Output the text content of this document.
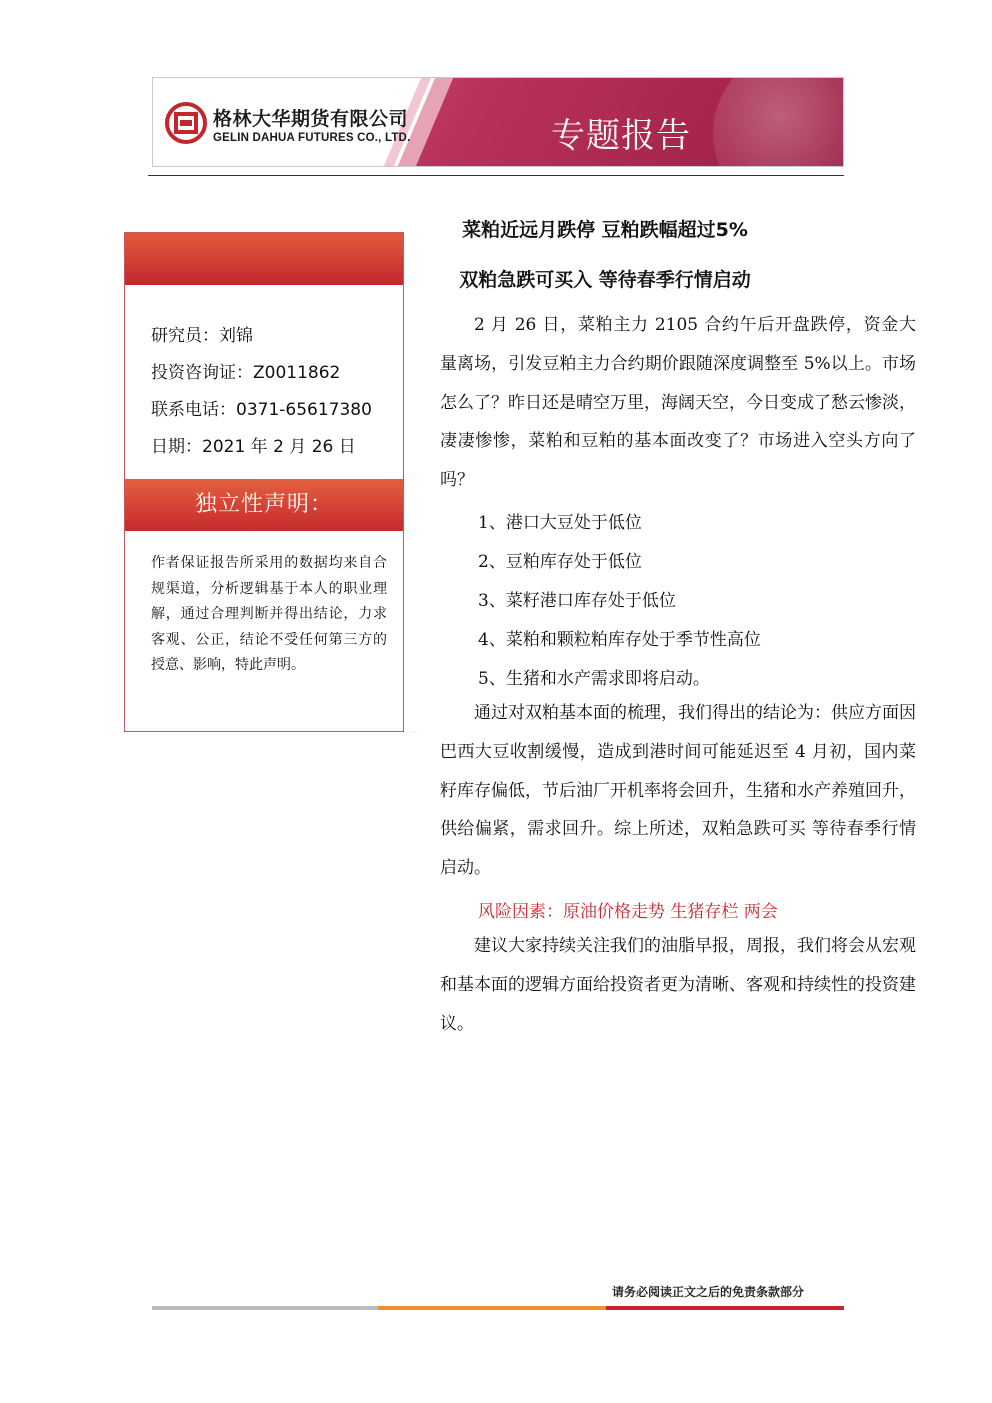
格林大华期货有限公司
GELIN DAHUA FUTURES CO., LTD.	专题报告
研究员：刘锦
投资咨询证：Z0011862
联系电话：0371-65617380
日期：2021 年 2 月 26 日
独立性声明：
作者保证报告所采用的数据均来自合规渠道，分析逻辑基于本人的职业理解，通过合理判断并得出结论，力求客观、公正，结论不受任何第三方的授意、影响，特此声明。
菜粕近远月跌停 豆粕跌幅超过5%
双粕急跌可买入 等待春季行情启动
2 月 26 日，菜粕主力 2105 合约午后开盘跌停，资金大量离场，引发豆粕主力合约期价跟随深度调整至 5%以上。市场怎么了？昨日还是晴空万里，海阔天空，今日变成了愁云惨淡，凄凄惨惨，菜粕和豆粕的基本面改变了？市场进入空头方向了吗？
1、港口大豆处于低位
2、豆粕库存处于低位
3、菜籽港口库存处于低位
4、菜粕和颗粒粕库存处于季节性高位
5、生猪和水产需求即将启动。
通过对双粕基本面的梳理，我们得出的结论为：供应方面因巴西大豆收割缓慢，造成到港时间可能延迟至 4 月初，国内菜籽库存偏低，节后油厂开机率将会回升，生猪和水产养殖回升，供给偏紧，需求回升。综上所述，双粕急跌可买 等待春季行情启动。
风险因素：原油价格走势 生猪存栏 两会
建议大家持续关注我们的油脂早报，周报，我们将会从宏观和基本面的逻辑方面给投资者更为清晰、客观和持续性的投资建议。
请务必阅读正文之后的免责条款部分
